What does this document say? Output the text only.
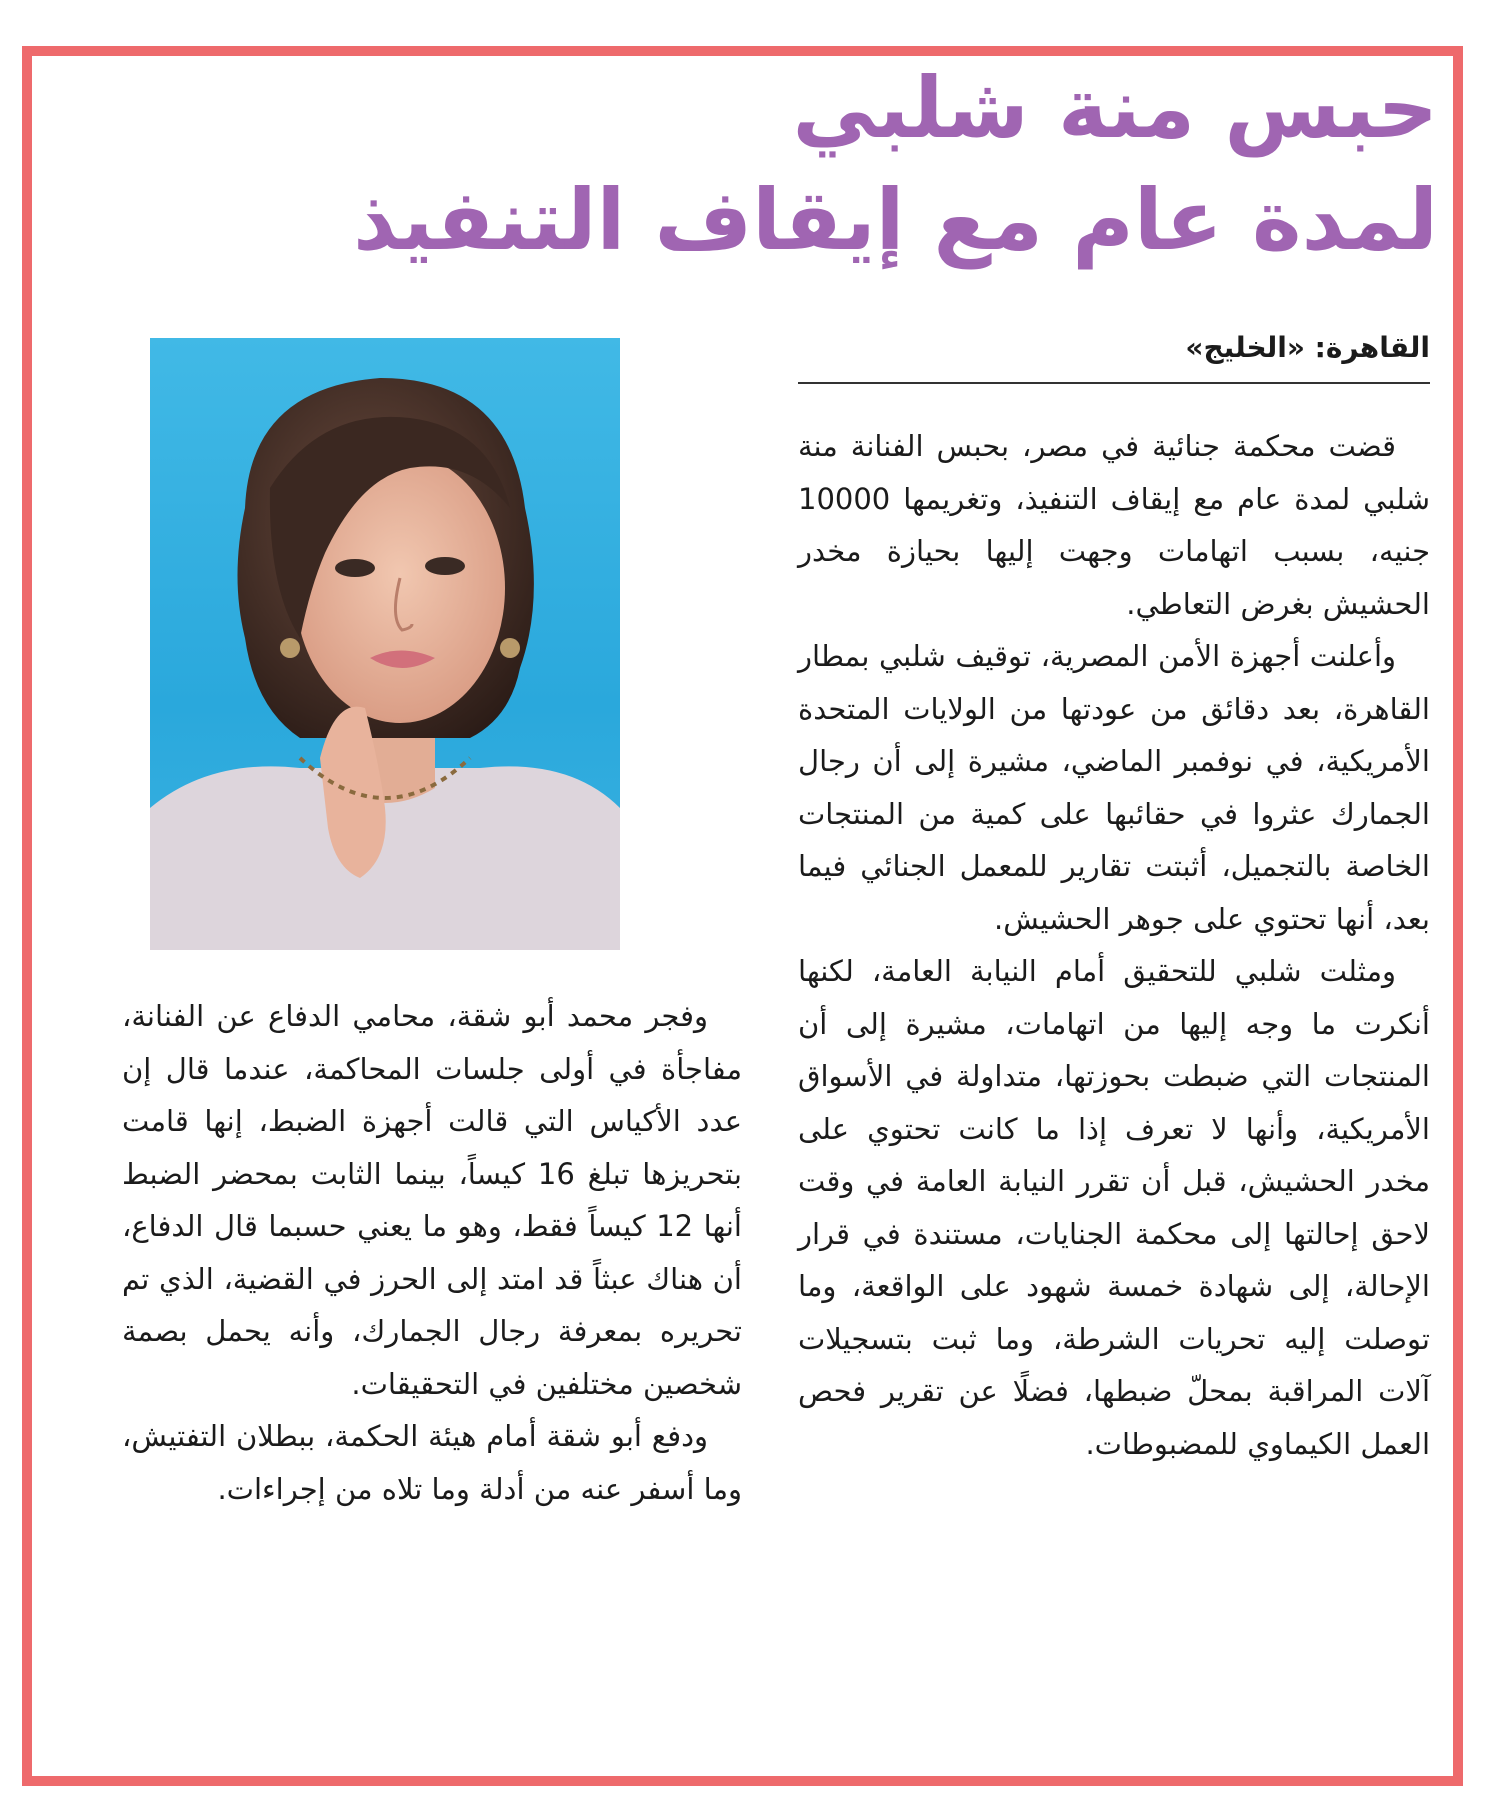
حبس منة شلبي
لمدة عام مع إيقاف التنفيذ
القاهرة: «الخليج»

قضت محكمة جنائية في مصر، بحبس الفنانة منة شلبي لمدة عام مع إيقاف التنفيذ، وتغريمها 10000 جنيه، بسبب اتهامات وجهت إليها بحيازة مخدر الحشيش بغرض التعاطي.

وأعلنت أجهزة الأمن المصرية، توقيف شلبي بمطار القاهرة، بعد دقائق من عودتها من الولايات المتحدة الأمريكية، في نوفمبر الماضي، مشيرة إلى أن رجال الجمارك عثروا في حقائبها على كمية من المنتجات الخاصة بالتجميل، أثبتت تقارير للمعمل الجنائي فيما بعد، أنها تحتوي على جوهر الحشيش.

ومثلت شلبي للتحقيق أمام النيابة العامة، لكنها أنكرت ما وجه إليها من اتهامات، مشيرة إلى أن المنتجات التي ضبطت بحوزتها، متداولة في الأسواق الأمريكية، وأنها لا تعرف إذا ما كانت تحتوي على مخدر الحشيش، قبل أن تقرر النيابة العامة في وقت لاحق إحالتها إلى محكمة الجنايات، مستندة في قرار الإحالة، إلى شهادة خمسة شهود على الواقعة، وما توصلت إليه تحريات الشرطة، وما ثبت بتسجيلات آلات المراقبة بمحلّ ضبطها، فضلًا عن تقرير فحص العمل الكيماوي للمضبوطات.

وفجر محمد أبو شقة، محامي الدفاع عن الفنانة، مفاجأة في أولى جلسات المحاكمة، عندما قال إن عدد الأكياس التي قالت أجهزة الضبط، إنها قامت بتحريزها تبلغ 16 كيساً، بينما الثابت بمحضر الضبط أنها 12 كيساً فقط، وهو ما يعني حسبما قال الدفاع، أن هناك عبثاً قد امتد إلى الحرز في القضية، الذي تم تحريره بمعرفة رجال الجمارك، وأنه يحمل بصمة شخصين مختلفين في التحقيقات.

ودفع أبو شقة أمام هيئة الحكمة، ببطلان التفتيش، وما أسفر عنه من أدلة وما تلاه من إجراءات.
